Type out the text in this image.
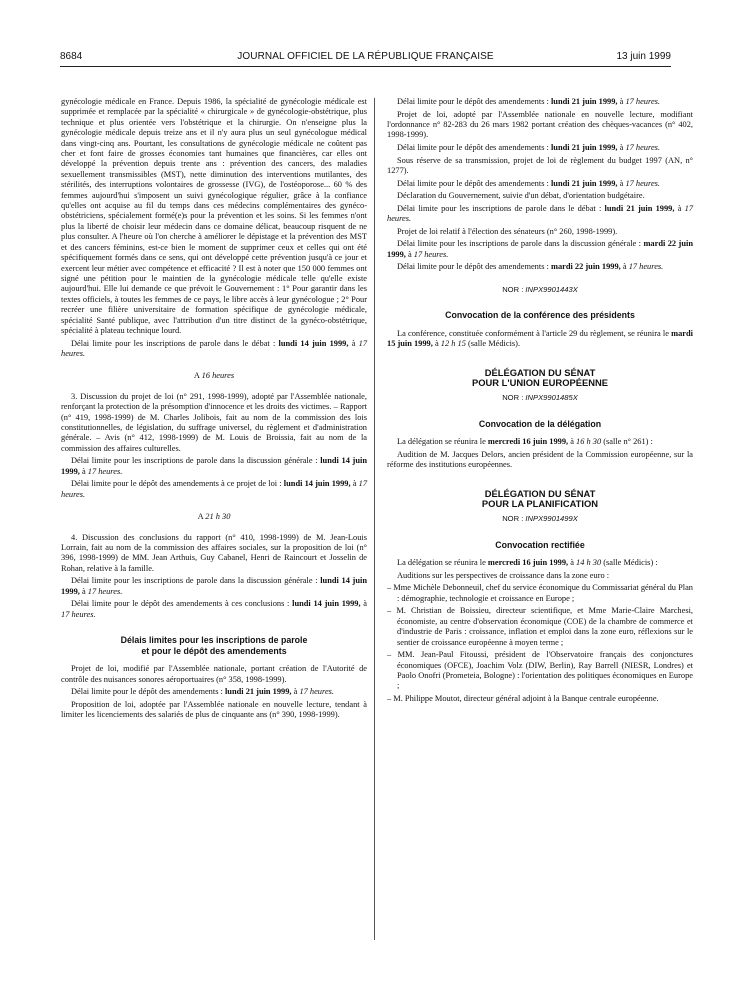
8684	JOURNAL OFFICIEL DE LA RÉPUBLIQUE FRANÇAISE	13 juin 1999

gynécologie médicale en France. Depuis 1986, la spécialité de gynécologie médicale est supprimée et remplacée par la spécialité « chirurgicale » de gynécologie-obstétrique, plus technique et plus orientée vers l'obstétrique et la chirurgie. On n'enseigne plus la gynécologie médicale depuis treize ans et il n'y aura plus un seul gynécologue médical dans vingt-cinq ans. Pourtant, les consultations de gynécologie médicale ne coûtent pas cher et font faire de grosses économies tant humaines que financières, car elles ont développé la prévention depuis trente ans : prévention des cancers, des maladies sexuellement transmissibles (MST), nette diminution des interventions mutilantes, des stérilités, des interruptions volontaires de grossesse (IVG), de l'ostéoporose... 60 % des femmes aujourd'hui s'imposent un suivi gynécologique régulier, grâce à la confiance qu'elles ont acquise au fil du temps dans ces médecins complémentaires des gynéco-obstétriciens, spécialement formé(e)s pour la prévention et les soins. Si les femmes n'ont plus la liberté de choisir leur médecin dans ce domaine délicat, beaucoup risquent de ne plus consulter. A l'heure où l'on cherche à améliorer le dépistage et la prévention des MST et des cancers féminins, est-ce bien le moment de supprimer ceux et celles qui ont été spécifiquement formés dans ce sens, qui ont développé cette prévention jusqu'à ce jour et exercent leur métier avec compétence et efficacité ? Il est à noter que 150 000 femmes ont signé une pétition pour le maintien de la gynécologie médicale telle qu'elle existe aujourd'hui. Elle lui demande ce que prévoit le Gouvernement : 1° Pour garantir dans les textes officiels, à toutes les femmes de ce pays, le libre accès à leur gynécologue ; 2° Pour recréer une filière universitaire de formation spécifique de gynécologie médicale, spécialité Santé publique, avec l'attribution d'un titre distinct de la gynéco-obstétrique, spécialité à plateau technique lourd.

Délai limite pour les inscriptions de parole dans le débat : lundi 14 juin 1999, à 17 heures.

A 16 heures

3. Discussion du projet de loi (n° 291, 1998-1999), adopté par l'Assemblée nationale, renforçant la protection de la présomption d'innocence et les droits des victimes. – Rapport (n° 419, 1998-1999) de M. Charles Jolibois, fait au nom de la commission des lois constitutionnelles, de législation, du suffrage universel, du règlement et d'administration générale. – Avis (n° 412, 1998-1999) de M. Louis de Broissia, fait au nom de la commission des affaires culturelles.

Délai limite pour les inscriptions de parole dans la discussion générale : lundi 14 juin 1999, à 17 heures.

Délai limite pour le dépôt des amendements à ce projet de loi : lundi 14 juin 1999, à 17 heures.

A 21 h 30

4. Discussion des conclusions du rapport (n° 410, 1998-1999) de M. Jean-Louis Lorrain, fait au nom de la commission des affaires sociales, sur la proposition de loi (n° 396, 1998-1999) de MM. Jean Arthuis, Guy Cabanel, Henri de Raincourt et Josselin de Rohan, relative à la famille.

Délai limite pour les inscriptions de parole dans la discussion générale : lundi 14 juin 1999, à 17 heures.

Délai limite pour le dépôt des amendements à ces conclusions : lundi 14 juin 1999, à 17 heures.

Délais limites pour les inscriptions de parole
et pour le dépôt des amendements

Projet de loi, modifié par l'Assemblée nationale, portant création de l'Autorité de contrôle des nuisances sonores aéroportuaires (n° 358, 1998-1999).

Délai limite pour le dépôt des amendements : lundi 21 juin 1999, à 17 heures.

Proposition de loi, adoptée par l'Assemblée nationale en nouvelle lecture, tendant à limiter les licenciements des salariés de plus de cinquante ans (n° 390, 1998-1999).

Délai limite pour le dépôt des amendements : lundi 21 juin 1999, à 17 heures.

Projet de loi, adopté par l'Assemblée nationale en nouvelle lecture, modifiant l'ordonnance n° 82-283 du 26 mars 1982 portant création des chèques-vacances (n° 402, 1998-1999).

Délai limite pour le dépôt des amendements : lundi 21 juin 1999, à 17 heures.

Sous réserve de sa transmission, projet de loi de règlement du budget 1997 (AN, n° 1277).

Délai limite pour le dépôt des amendements : lundi 21 juin 1999, à 17 heures.

Déclaration du Gouvernement, suivie d'un débat, d'orientation budgétaire.

Délai limite pour les inscriptions de parole dans le débat : lundi 21 juin 1999, à 17 heures.

Projet de loi relatif à l'élection des sénateurs (n° 260, 1998-1999).

Délai limite pour les inscriptions de parole dans la discussion générale : mardi 22 juin 1999, à 17 heures.

Délai limite pour le dépôt des amendements : mardi 22 juin 1999, à 17 heures.

NOR : INPX9901443X
Convocation de la conférence des présidents

La conférence, constituée conformément à l'article 29 du règlement, se réunira le mardi 15 juin 1999, à 12 h 15 (salle Médicis).

DÉLÉGATION DU SÉNAT
POUR L'UNION EUROPÉENNE
NOR : INPX9901485X
Convocation de la délégation

La délégation se réunira le mercredi 16 juin 1999, à 16 h 30 (salle n° 261) :

Audition de M. Jacques Delors, ancien président de la Commission européenne, sur la réforme des institutions européennes.

DÉLÉGATION DU SÉNAT
POUR LA PLANIFICATION
NOR : INPX9901499X
Convocation rectifiée

La délégation se réunira le mercredi 16 juin 1999, à 14 h 30 (salle Médicis) :

Auditions sur les perspectives de croissance dans la zone euro :

– Mme Michèle Debonneuil, chef du service économique du Commissariat général du Plan : démographie, technologie et croissance en Europe ;
– M. Christian de Boissieu, directeur scientifique, et Mme Marie-Claire Marchesi, économiste, au centre d'observation économique (COE) de la chambre de commerce et d'industrie de Paris : croissance, inflation et emploi dans la zone euro, réflexions sur le sentier de croissance européenne à moyen terme ;
– MM. Jean-Paul Fitoussi, président de l'Observatoire français des conjonctures économiques (OFCE), Joachim Volz (DIW, Berlin), Ray Barrell (NIESR, Londres) et Paolo Onofri (Prometeia, Bologne) : l'orientation des politiques économiques en Europe ;
– M. Philippe Moutot, directeur général adjoint à la Banque centrale européenne.
